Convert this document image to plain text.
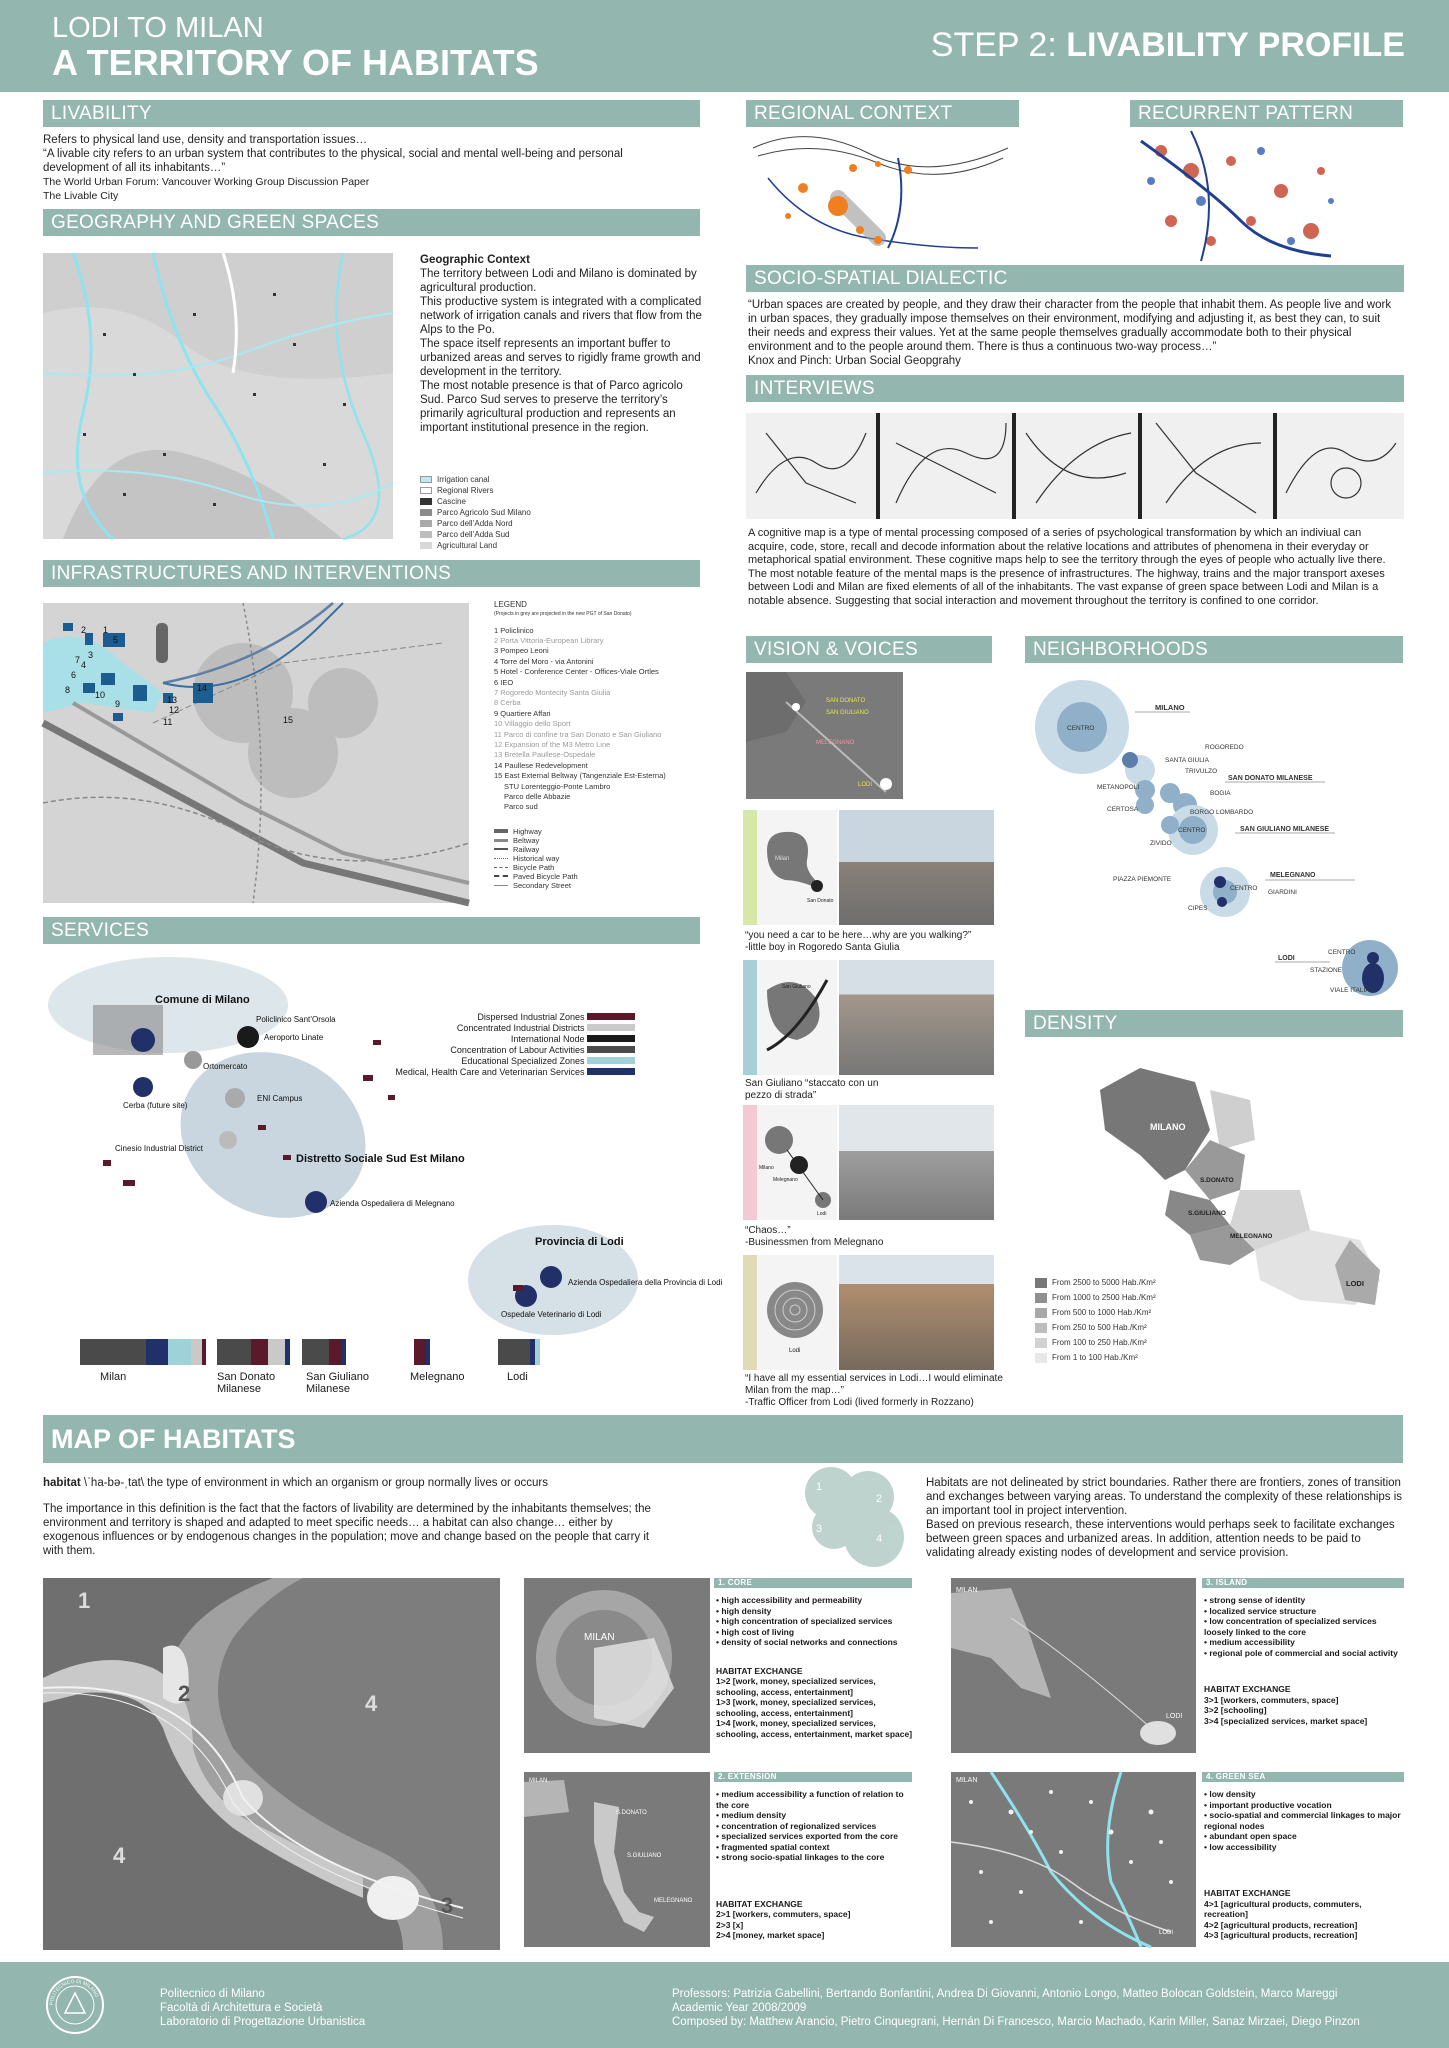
LODI TO MILAN
A TERRITORY OF HABITATS	STEP 2: LIVABILITY PROFILE
LIVABILITY
Refers to physical land use, density and transportation issues…
“A livable city refers to an urban system that contributes to the physical, social and mental well-being and personal development of all its inhabitants…”
The World Urban Forum: Vancouver Working Group Discussion Paper
The Livable City
GEOGRAPHY AND GREEN SPACES
Geographic Context
The territory between Lodi and Milano is dominated by agricultural production.
This productive system is integrated with a complicated network of irrigation canals and rivers that flow from the Alps to the Po.
The space itself represents an important buffer to urbanized areas and serves to rigidly frame growth and development in the territory.
The most notable presence is that of Parco agricolo Sud. Parco Sud serves to preserve the territory’s primarily agricultural production and represents an important institutional presence in the region.
Irrigation canal
Regional Rivers
Cascine
Parco Agricolo Sud Milano
Parco dell’Adda Nord
Parco dell’Adda Sud
Agricultural Land
INFRASTRUCTURES AND INTERVENTIONS
1
2
5
4
3
6
7
8	10
9
11
12
13
14
15
LEGEND
(Projects in grey are projected in the new PGT of San Donato)
1 Policlinico
2 Porta Vittoria-European Library
3 Pompeo Leoni
4 Torre del Moro - via Antonini
5 Hotel - Conference Center - Offices-Viale Ortles
6 IEO
7 Rogoredo Montecity Santa Giulia
8 Cerba
9 Quartiere Affari
10 Villaggio dello Sport
11 Parco di confine tra San Donato e San Giuliano
12 Expansion of the M3 Metro Line
13 Bretella Paullese-Ospedale
14 Paullese Redevelopment
15 East External Beltway (Tangenziale Est-Esterna)
STU Lorenteggio-Ponte Lambro
Parco delle Abbazie
Parco sud
Highway
Beltway
Railway
Historical way
Bicycle Path
Paved Bicycle Path
Secondary Street
SERVICES
Comune di Milano
Distretto Sociale Sud Est Milano
Provincia di Lodi
Policlinico Sant’Orsola
Aeroporto Linate
Ortomercato
ENI Campus
Cerba (future site)
Cinesio Industrial District
Azienda Ospedaliera di Melegnano
Azienda Ospedaliera della Provincia di Lodi
Ospedale Veterinario di Lodi
Dispersed Industrial Zones
Concentrated Industrial Districts
International Node
Concentration of Labour Activities
Educational Specialized Zones
Medical, Health Care and Veterinarian Services
Milan	San Donato Milanese
San Giuliano Milanese
Melegnano	Lodi
REGIONAL CONTEXT	RECURRENT PATTERN
SOCIO-SPATIAL DIALECTIC
“Urban spaces are created by people, and they draw their character from the people that inhabit them. As people live and work in urban spaces, they gradually impose themselves on their environment, modifying and adjusting it, as best they can, to suit their needs and express their values. Yet at the same people themselves gradually accommodate both to their physical environment and to the people around them. There is thus a continuous two-way process…”
Knox and Pinch: Urban Social Geopgrahy
INTERVIEWS
A cognitive map is a type of mental processing composed of a series of psychological transformation by which an indiviual can acquire, code, store, recall and decode information about the relative locations and attributes of phenomena in their everyday or metaphorical spatial environment. These cognitive maps help to see the territory through the eyes of people who actually live there.
The most notable feature of the mental maps is the presence of infrastructures. The highway, trains and the major transport axeses between Lodi and Milan are fixed elements of all of the inhabitants. The vast expanse of green space between Lodi and Milan is a notable absence. Suggesting that social interaction and movement throughout the territory is confined to one corridor.
VISION & VOICES
SAN DONATO
SAN GIULIANO
MELEGNANO
LODI
Milan
San Donato
“you need a car to be here…why are you walking?”
-little boy in Rogoredo Santa Giulia
San Giuliano
San Giuliano “staccato con un pezzo di strada”
Milano
Melegnano
Lodi
“Chaos…”
-Businessmen from Melegnano
Lodi
“I have all my essential services in Lodi…I would eliminate Milan from the map…”
-Traffic Officer from Lodi (lived formerly in Rozzano)
NEIGHBORHOODS
MILANO
CENTRO
ROGOREDO
SANTA GIULIA
TRIVULZO
SAN DONATO MILANESE
METANOPOLI
BOGIA
CERTOSA	BORGO LOMBARDO
CENTRO	SAN GIULIANO MILANESE
ZIVIDO
PIAZZA PIEMONTE
MELEGNANO
CENTRO
GIARDINI
CIPES
LODI
CENTRO
STAZIONE
VIALE ITALIA
DENSITY
MILANO
S.DONATO
S.GIULIANO
MELEGNANO
LODI
From 2500 to 5000 Hab./Km²
From 1000 to 2500 Hab./Km²
From 500 to 1000 Hab./Km²
From 250 to 500 Hab./Km²
From 100 to 250 Hab./Km²
From 1 to 100 Hab./Km²
MAP OF HABITATS
habitat \ˈha-bə-ˌtat\ the type of environment in which an organism or group normally lives or occurs
The importance in this definition is the fact that the factors of livability are determined by the inhabitants themselves; the environment and territory is shaped and adapted to meet specific needs… a habitat can also change… either by exogenous influences or by endogenous changes in the population; move and change based on the people that carry it with them.
1
2
3
4
Habitats are not delineated by strict boundaries. Rather there are frontiers, zones of transition and exchanges between varying areas. To understand the complexity of these relationships is an important tool in project intervention.
Based on previous research, these interventions would perhaps seek to facilitate exchanges between green spaces and urbanized areas. In addition, attention needs to be paid to validating already existing nodes of development and service provision.
1
2	4
4
3
MILAN
1. CORE
• high accessibility and permeability
• high density
• high concentration of specialized services
• high cost of living
• density of social networks and connections
HABITAT EXCHANGE
1>2 [work, money, specialized services, schooling, access, entertainment]
1>3 [work, money, specialized services, schooling, access, entertainment]
1>4 [work, money, specialized services, schooling, access, entertainment, market space]
MILAN
LODI
3. ISLAND
• strong sense of identity
• localized service structure
• low concentration of specialized services loosely linked to the core
• medium accessibility
• regional pole of commercial and social activity
HABITAT EXCHANGE
3>1 [workers, commuters, space]
3>2 [schooling]
3>4 [specialized services, market space]
MILAN
S.DONATO
S.GIULIANO
MELEGNANO
2. EXTENSION
• medium accessibility a function of relation to the core
• medium density
• concentration of regionalized services
• specialized services exported from the core
• fragmented spatial context
• strong socio-spatial linkages to the core
HABITAT EXCHANGE
2>1 [workers, commuters, space]
2>3 [x]
2>4 [money, market space]
MILAN
LODI
4. GREEN SEA
• low density
• important productive vocation
• socio-spatial and commercial linkages to major regional nodes
• abundant open space
• low accessibility
HABITAT EXCHANGE
4>1 [agricultural products, commuters, recreation]
4>2 [agricultural products, recreation]
4>3 [agricultural products, recreation]
POLITECNICO DI MILANO	Politecnico di Milano
Facoltà di Architettura e Società
Laboratorio di Progettazione Urbanistica
Professors: Patrizia Gabellini, Bertrando Bonfantini, Andrea Di Giovanni, Antonio Longo, Matteo Bolocan Goldstein, Marco Mareggi
Academic Year 2008/2009
Composed by: Matthew Arancio, Pietro Cinquegrani, Hernán Di Francesco, Marcio Machado, Karin Miller, Sanaz Mirzaei, Diego Pinzon
